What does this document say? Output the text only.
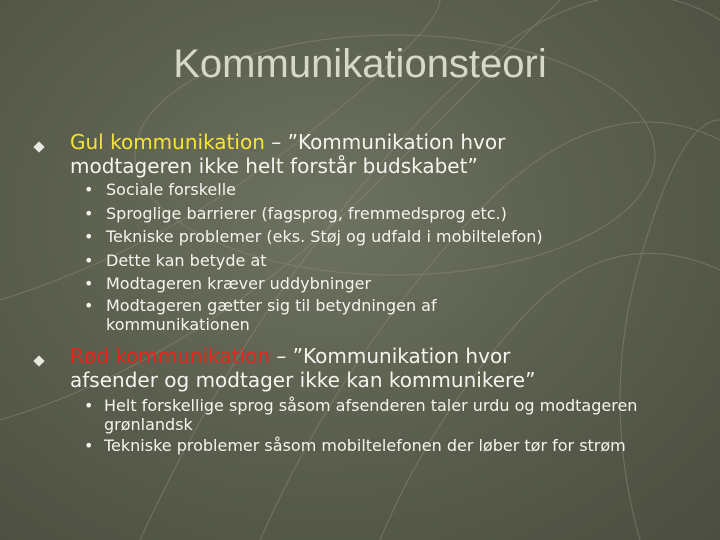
Kommunikationsteori
Gul kommunikation – ”Kommunikation hvor
modtageren ikke helt forstår budskabet”
• Sociale forskelle
• Sproglige barrierer (fagsprog, fremmedsprog etc.)
• Tekniske problemer (eks. Støj og udfald i mobiltelefon)
• Dette kan betyde at
• Modtageren kræver uddybninger
• Modtageren gætter sig til betydningen af kommunikationen
Rød kommunikation – ”Kommunikation hvor
afsender og modtager ikke kan kommunikere”
• Helt forskellige sprog såsom afsenderen taler urdu og modtageren grønlandsk
• Tekniske problemer såsom mobiltelefonen der løber tør for strøm
